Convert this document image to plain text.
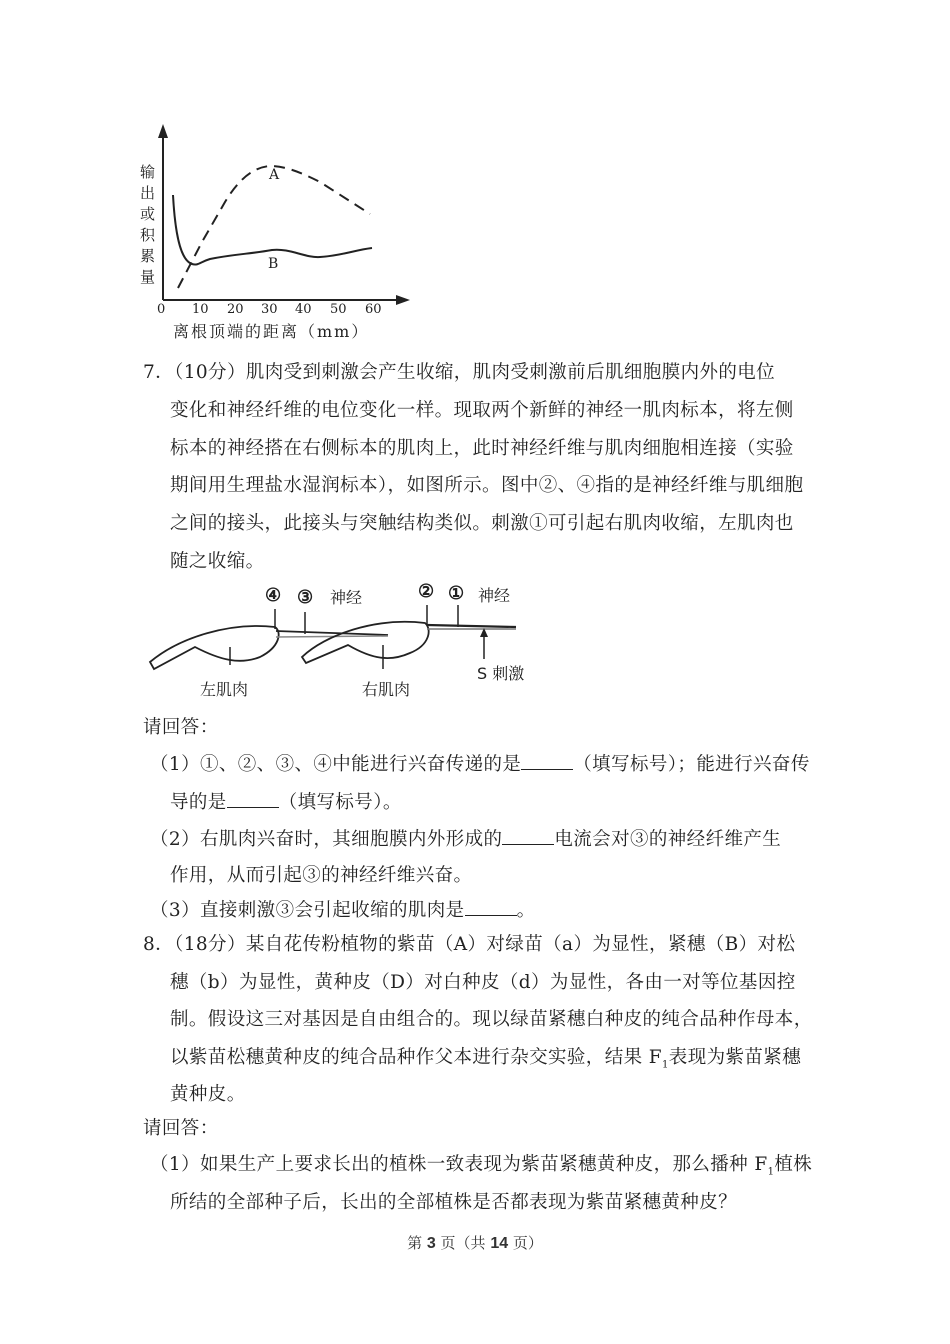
A
B
输
出
或
积
累
量
0 10 20 30 40 50 60
离根顶端的距离（mm）
7．（10分）肌肉受到刺激会产生收缩，肌肉受刺激前后肌细胞膜内外的电位
变化和神经纤维的电位变化一样。现取两个新鲜的神经一肌肉标本，将左侧
标本的神经搭在右侧标本的肌肉上，此时神经纤维与肌肉细胞相连接（实验
期间用生理盐水湿润标本），如图所示。图中②、④指的是神经纤维与肌细胞
之间的接头，此接头与突触结构类似。刺激①可引起右肌肉收缩，左肌肉也
随之收缩。
④ ③ 神经	② ① 神经
左肌肉	右肌肉
S 刺激
请回答：
（1）①、②、③、④中能进行兴奋传递的是	（填写标号）；能进行兴奋传
导的是	（填写标号）。
（2）右肌肉兴奋时，其细胞膜内外形成的	电流会对③的神经纤维产生
作用，从而引起③的神经纤维兴奋。
（3）直接刺激③会引起收缩的肌肉是	。
8．（18分）某自花传粉植物的紫苗（A）对绿苗（a）为显性，紧穗（B）对松
穗（b）为显性，黄种皮（D）对白种皮（d）为显性，各由一对等位基因控
制。假设这三对基因是自由组合的。现以绿苗紧穗白种皮的纯合品种作母本，
以紫苗松穗黄种皮的纯合品种作父本进行杂交实验，结果 $F_1$表现为紫苗紧穗
黄种皮。
请回答：
（1）如果生产上要求长出的植株一致表现为紫苗紧穗黄种皮，那么播种 $F_1$植株
所结的全部种子后，长出的全部植株是否都表现为紫苗紧穗黄种皮？
第 3 页（共 14 页）
